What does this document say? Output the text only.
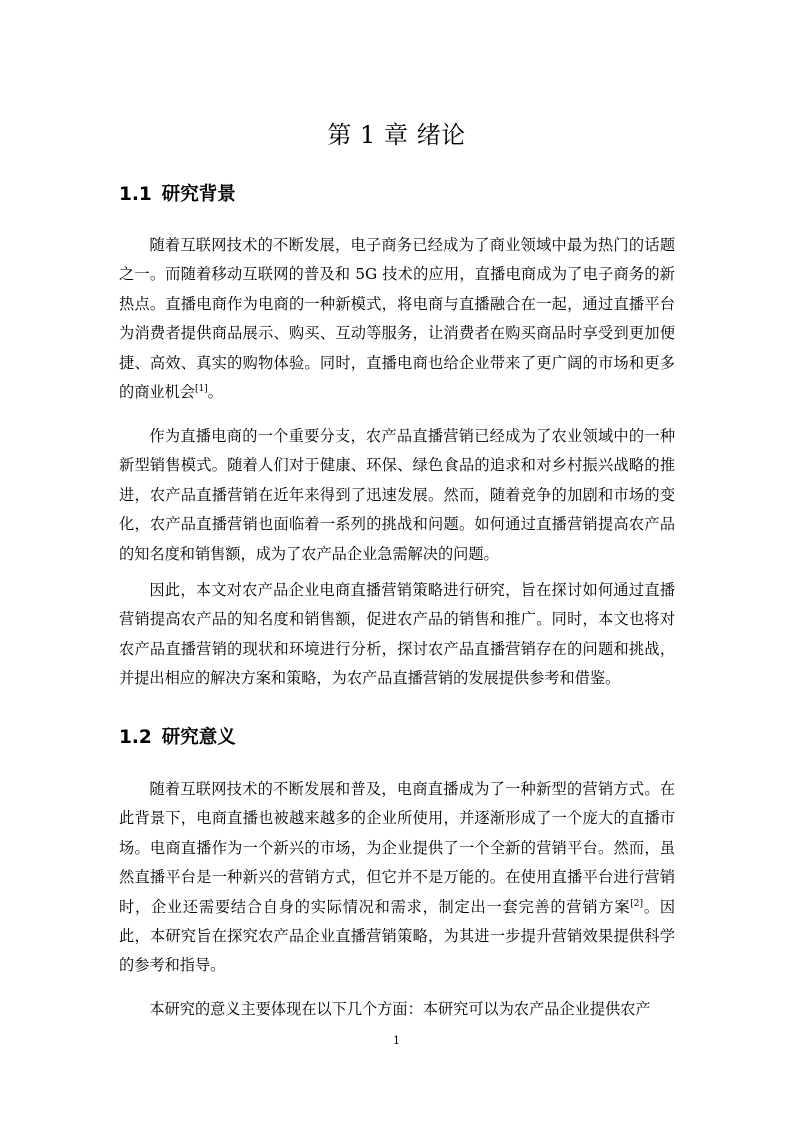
第 1 章 绪论
1.1 研究背景

随着互联网技术的不断发展，电子商务已经成为了商业领域中最为热门的话题之一。而随着移动互联网的普及和 5G 技术的应用，直播电商成为了电子商务的新热点。直播电商作为电商的一种新模式，将电商与直播融合在一起，通过直播平台为消费者提供商品展示、购买、互动等服务，让消费者在购买商品时享受到更加便捷、高效、真实的购物体验。同时，直播电商也给企业带来了更广阔的市场和更多的商业机会[1]。

作为直播电商的一个重要分支，农产品直播营销已经成为了农业领域中的一种新型销售模式。随着人们对于健康、环保、绿色食品的追求和对乡村振兴战略的推进，农产品直播营销在近年来得到了迅速发展。然而，随着竞争的加剧和市场的变化，农产品直播营销也面临着一系列的挑战和问题。如何通过直播营销提高农产品的知名度和销售额，成为了农产品企业急需解决的问题。

因此，本文对农产品企业电商直播营销策略进行研究，旨在探讨如何通过直播营销提高农产品的知名度和销售额，促进农产品的销售和推广。同时，本文也将对农产品直播营销的现状和环境进行分析，探讨农产品直播营销存在的问题和挑战，并提出相应的解决方案和策略，为农产品直播营销的发展提供参考和借鉴。

1.2 研究意义

随着互联网技术的不断发展和普及，电商直播成为了一种新型的营销方式。在此背景下，电商直播也被越来越多的企业所使用，并逐渐形成了一个庞大的直播市场。电商直播作为一个新兴的市场，为企业提供了一个全新的营销平台。然而，虽然直播平台是一种新兴的营销方式，但它并不是万能的。在使用直播平台进行营销时，企业还需要结合自身的实际情况和需求，制定出一套完善的营销方案[2]。因此，本研究旨在探究农产品企业直播营销策略，为其进一步提升营销效果提供科学的参考和指导。

本研究的意义主要体现在以下几个方面：本研究可以为农产品企业提供农产

1
